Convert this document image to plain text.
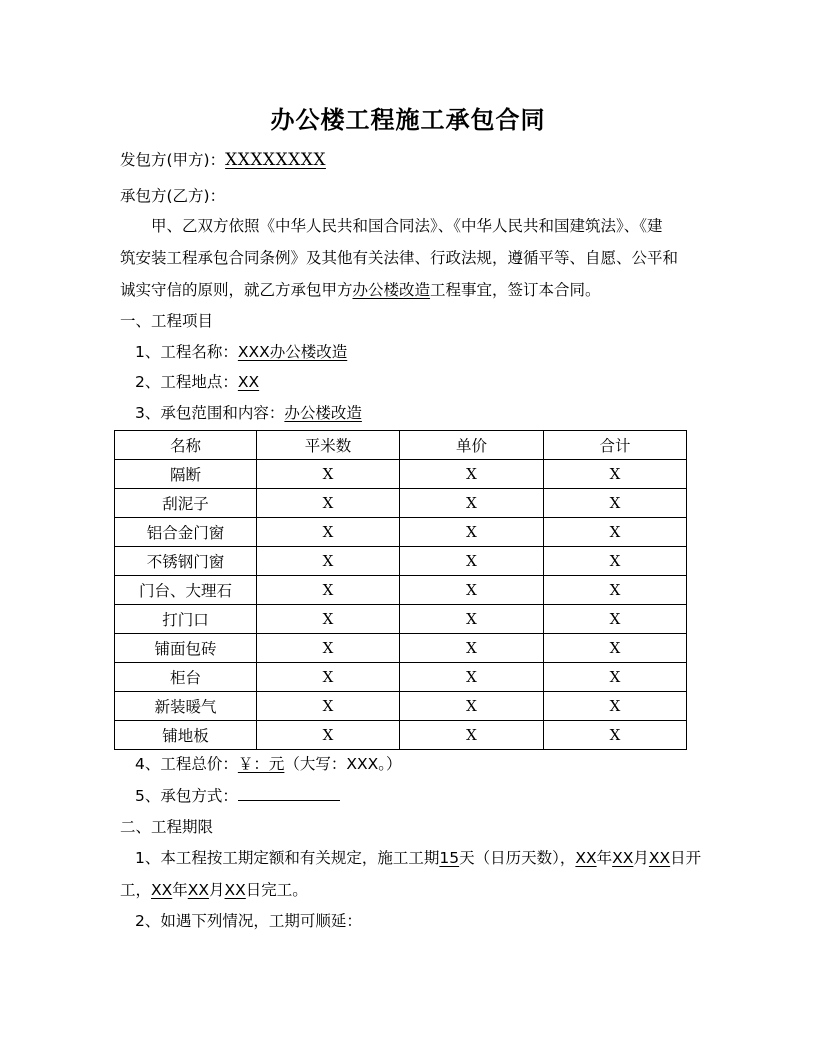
办公楼工程施工承包合同
发包方(甲方)：XXXXXXXX
承包方(乙方)：
甲、乙双方依照《中华人民共和国合同法》、《中华人民共和国建筑法》、《建
筑安装工程承包合同条例》及其他有关法律、行政法规，遵循平等、自愿、公平和
诚实守信的原则，就乙方承包甲方办公楼改造工程事宜，签订本合同。
一、工程项目
1、工程名称：XXX办公楼改造
2、工程地点：XX
3、承包范围和内容：办公楼改造
名称	平米数	单价	合计
隔断	X	X	X
刮泥子	X	X	X
铝合金门窗	X	X	X
不锈钢门窗	X	X	X
门台、大理石	X	X	X
打门口	X	X	X
铺面包砖	X	X	X
柜台	X	X	X
新装暖气	X	X	X
铺地板	X	X	X
4、工程总价：￥：元（大写：XXX。）
5、承包方式：
二、工程期限
1、本工程按工期定额和有关规定，施工工期15天（日历天数），XX年XX月XX日开
工，XX年XX月XX日完工。
2、如遇下列情况，工期可顺延：
